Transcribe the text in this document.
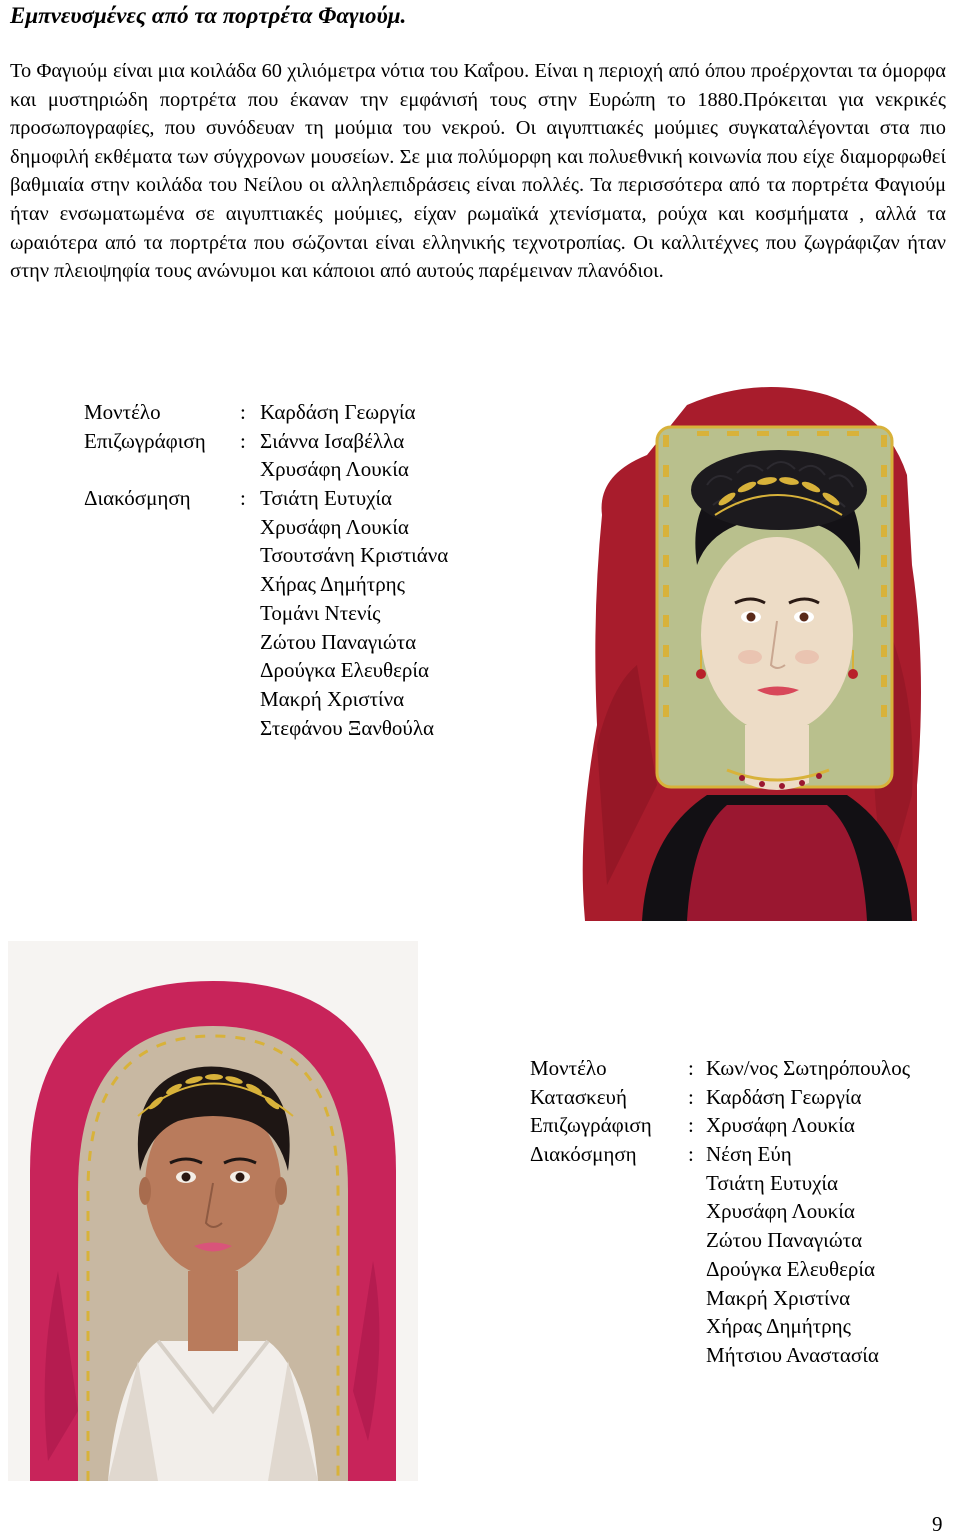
Εμπνευσμένες από τα πορτρέτα Φαγιούμ.

Το Φαγιούμ είναι μια κοιλάδα 60 χιλιόμετρα νότια του Καΐρου. Είναι η περιοχή από όπου προέρχονται τα όμορφα και μυστηριώδη πορτρέτα που έκαναν την εμφάνισή τους στην Ευρώπη το 1880.Πρόκειται για νεκρικές προσωπογραφίες, που συνόδευαν τη μούμια του νεκρού. Οι αιγυπτιακές μούμιες συγκαταλέγονται στα πιο δημοφιλή εκθέματα των σύγχρονων μουσείων. Σε μια πολύμορφη και πολυεθνική κοινωνία που είχε διαμορφωθεί βαθμιαία στην κοιλάδα του Νείλου οι αλληλεπιδράσεις είναι πολλές. Τα περισσότερα από τα πορτρέτα Φαγιούμ ήταν ενσωματωμένα σε αιγυπτιακές μούμιες, είχαν ρωμαϊκά χτενίσματα, ρούχα και κοσμήματα , αλλά τα ωραιότερα από τα πορτρέτα που σώζονται είναι ελληνικής τεχνοτροπίας. Οι καλλιτέχνες που ζωγράφιζαν ήταν στην πλειοψηφία τους ανώνυμοι και κάποιοι από αυτούς παρέμειναν πλανόδιοι.

Μοντέλο	: Καρδάση Γεωργία
Επιζωγράφιση : Σιάννα Ισαβέλλα
Χρυσάφη Λουκία
Διακόσμηση : Τσιάτη Ευτυχία
Χρυσάφη Λουκία
Τσουτσάνη Κριστιάνα
Χήρας Δημήτρης
Τομάνι Ντενίς
Ζώτου Παναγιώτα
Δρούγκα Ελευθερία
Μακρή Χριστίνα
Στεφάνου Ξανθούλα
Μοντέλο	: Κων/νος Σωτηρόπουλος
Κατασκευή	: Καρδάση Γεωργία
Επιζωγράφιση : Χρυσάφη Λουκία
Διακόσμηση : Νέση Εύη
Τσιάτη Ευτυχία
Χρυσάφη Λουκία
Ζώτου Παναγιώτα
Δρούγκα Ελευθερία
Μακρή Χριστίνα
Χήρας Δημήτρης
Μήτσιου Αναστασία
9
